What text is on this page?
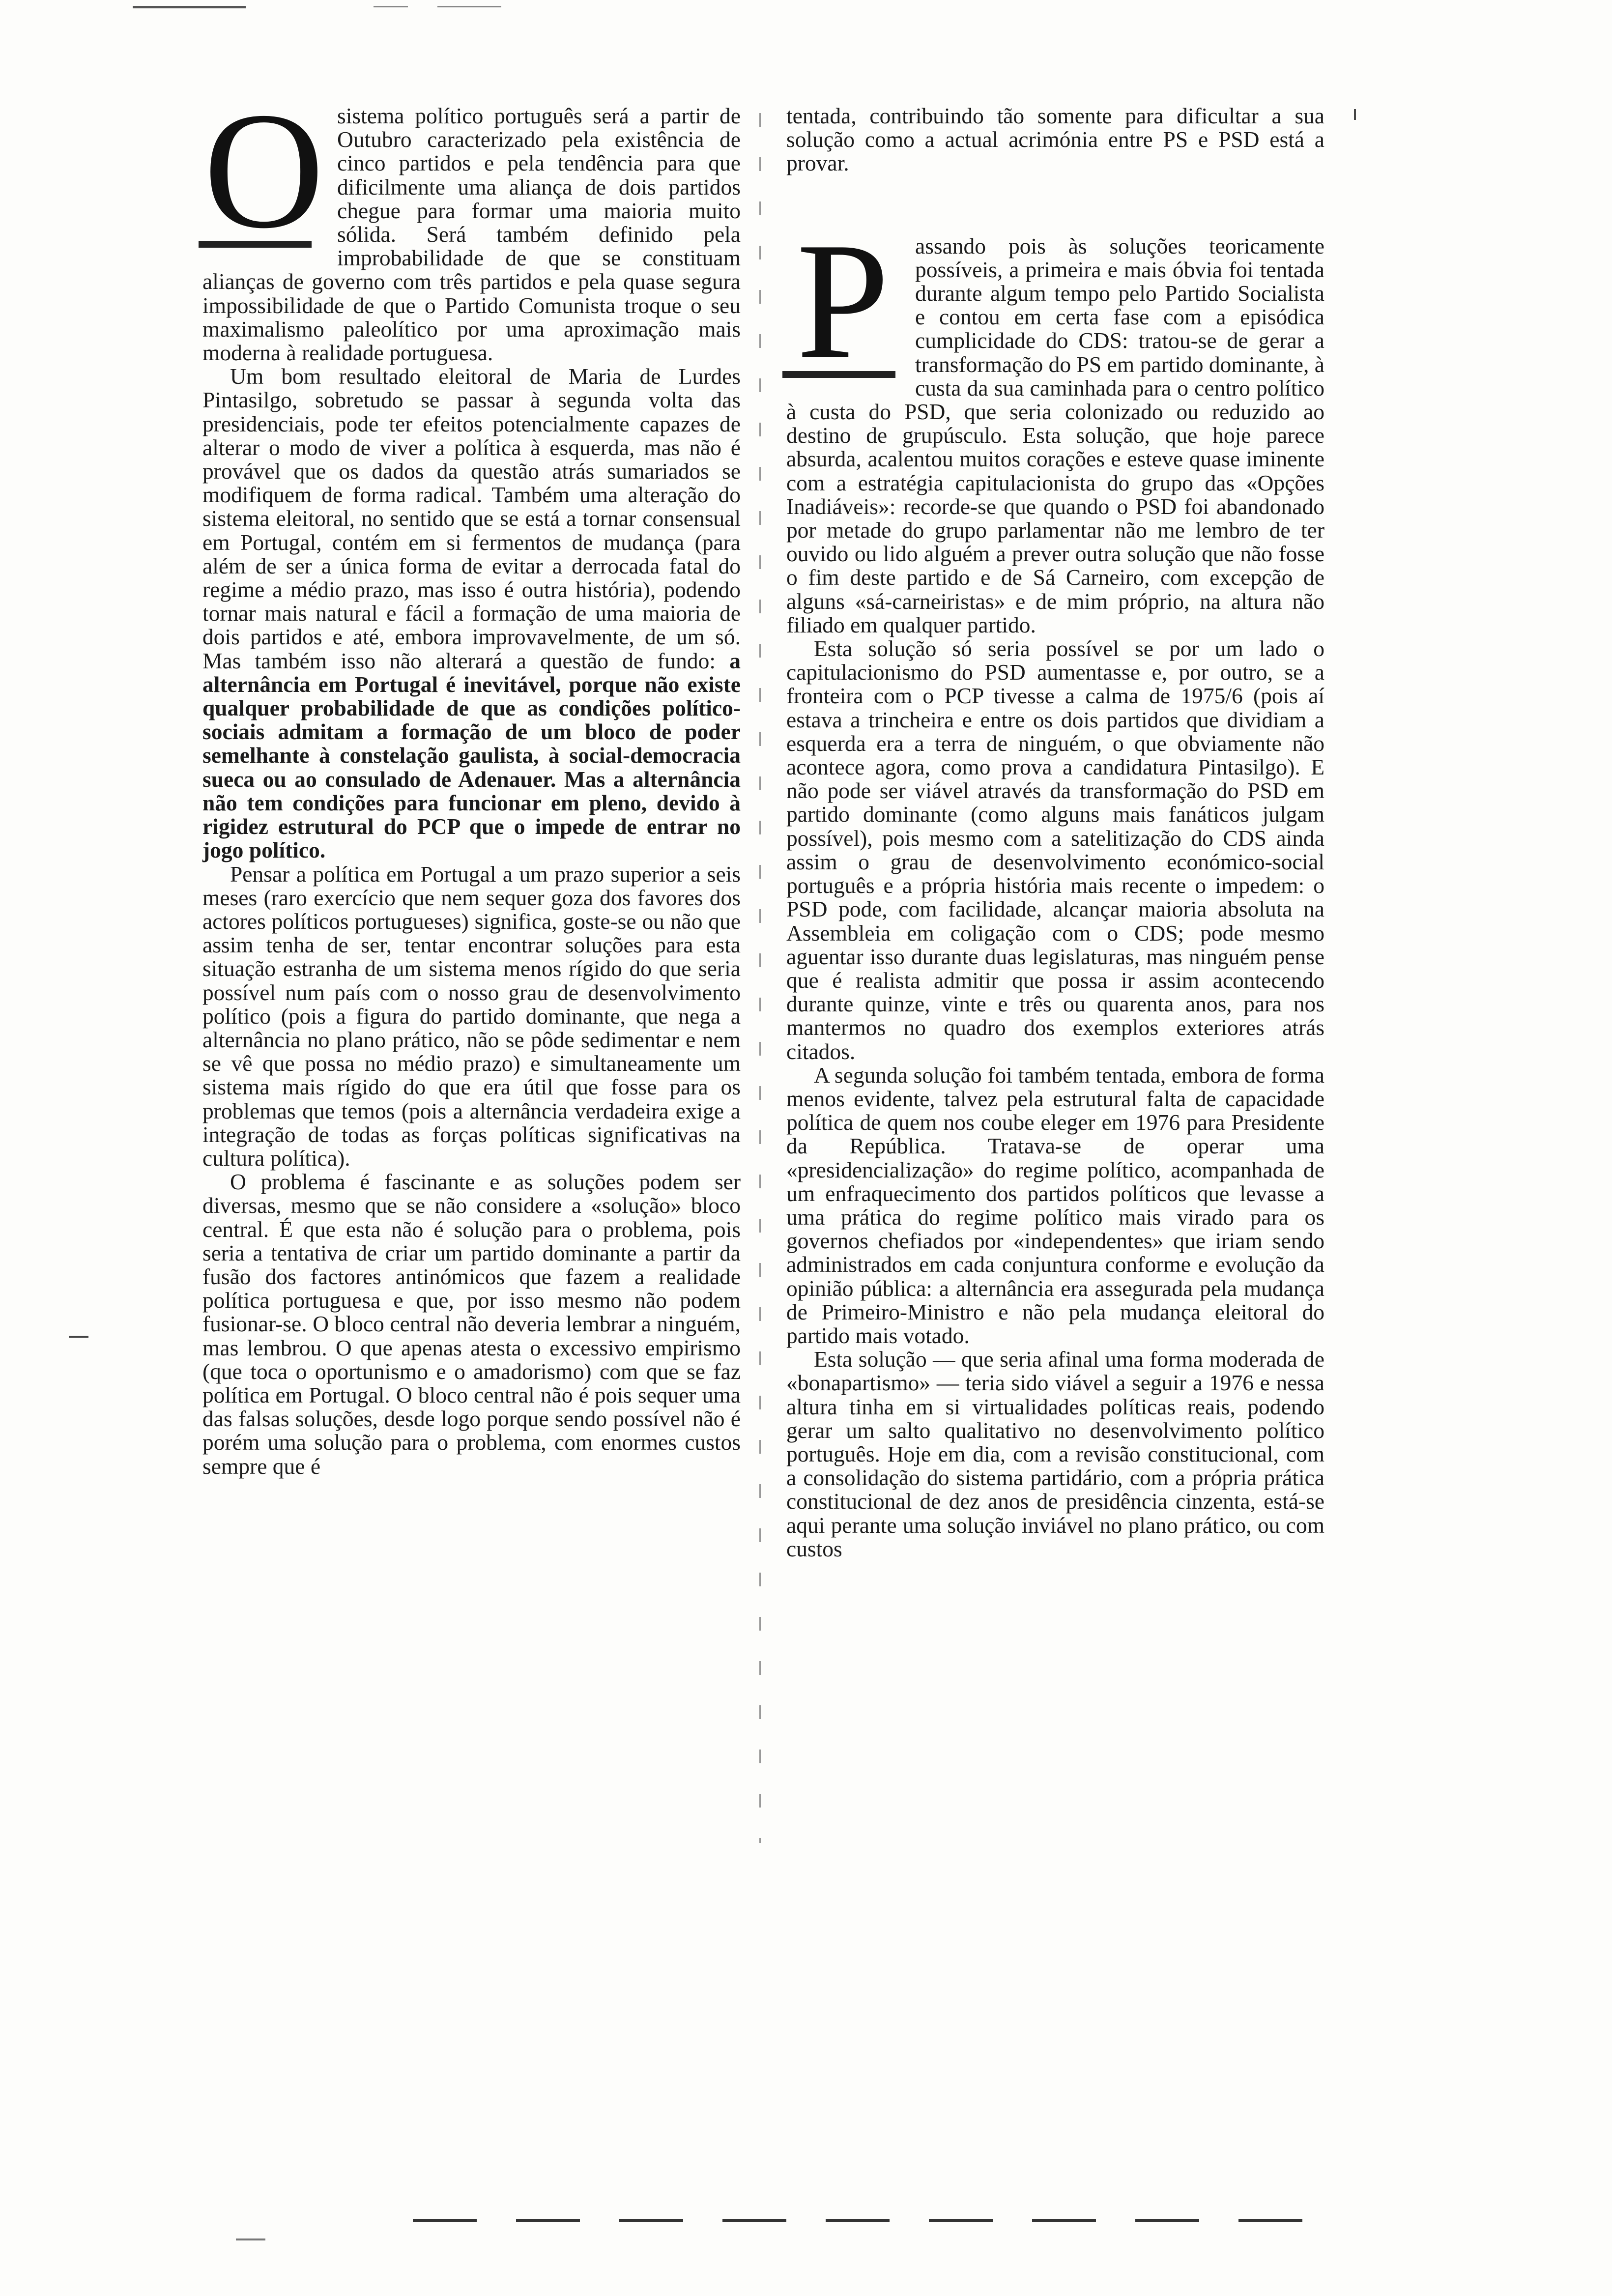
O sistema político português será a partir de Outubro caracterizado pela existência de cinco partidos e pela tendência para que dificilmente uma aliança de dois partidos chegue para formar uma maioria muito sólida. Será também definido pela improbabilidade de que se constituam alianças de governo com três partidos e pela quase segura impossibilidade de que o Partido Comunista troque o seu maximalismo paleolítico por uma aproximação mais moderna à realidade portuguesa.

Um bom resultado eleitoral de Maria de Lurdes Pintasilgo, sobretudo se passar à segunda volta das presidenciais, pode ter efeitos potencialmente capazes de alterar o modo de viver a política à esquerda, mas não é provável que os dados da questão atrás sumariados se modifiquem de forma radical. Também uma alteração do sistema eleitoral, no sentido que se está a tornar consensual em Portugal, contém em si fermentos de mudança (para além de ser a única forma de evitar a derrocada fatal do regime a médio prazo, mas isso é outra história), podendo tornar mais natural e fácil a formação de uma maioria de dois partidos e até, embora improvavelmente, de um só. Mas também isso não alterará a questão de fundo: a alternância em Portugal é inevitável, porque não existe qualquer probabilidade de que as condições político-sociais admitam a formação de um bloco de poder semelhante à constelação gaulista, à social-democracia sueca ou ao consulado de Adenauer. Mas a alternância não tem condições para funcionar em pleno, devido à rigidez estrutural do PCP que o impede de entrar no jogo político.

Pensar a política em Portugal a um prazo superior a seis meses (raro exercício que nem sequer goza dos favores dos actores políticos portugueses) significa, goste-se ou não que assim tenha de ser, tentar encontrar soluções para esta situação estranha de um sistema menos rígido do que seria possível num país com o nosso grau de desenvolvimento político (pois a figura do partido dominante, que nega a alternância no plano prático, não se pôde sedimentar e nem se vê que possa no médio prazo) e simultaneamente um sistema mais rígido do que era útil que fosse para os problemas que temos (pois a alternância verdadeira exige a integração de todas as forças políticas significativas na cultura política).

O problema é fascinante e as soluções podem ser diversas, mesmo que se não considere a «solução» bloco central. É que esta não é solução para o problema, pois seria a tentativa de criar um partido dominante a partir da fusão dos factores antinómicos que fazem a realidade política portuguesa e que, por isso mesmo não podem fusionar-se. O bloco central não deveria lembrar a ninguém, mas lembrou. O que apenas atesta o excessivo empirismo (que toca o oportunismo e o amadorismo) com que se faz política em Portugal. O bloco central não é pois sequer uma das falsas soluções, desde logo porque sendo possível não é porém uma solução para o problema, com enormes custos sempre que é

tentada, contribuindo tão somente para dificultar a sua solução como a actual acrimónia entre PS e PSD está a provar.

P	assando pois às soluções teoricamente possíveis, a primeira e mais óbvia foi tentada durante algum tempo pelo Partido Socialista e contou em certa fase com a episódica cumplicidade do CDS: tratou-se de gerar a transformação do PS em partido dominante, à custa da sua caminhada para o centro político à custa do PSD, que seria colonizado ou reduzido ao destino de grupúsculo. Esta solução, que hoje parece absurda, acalentou muitos corações e esteve quase iminente com a estratégia capitulacionista do grupo das «Opções Inadiáveis»: recorde-se que quando o PSD foi abandonado por metade do grupo parlamentar não me lembro de ter ouvido ou lido alguém a prever outra solução que não fosse o fim deste partido e de Sá Carneiro, com excepção de alguns «sá-carneiristas» e de mim próprio, na altura não filiado em qualquer partido.

Esta solução só seria possível se por um lado o capitulacionismo do PSD aumentasse e, por outro, se a fronteira com o PCP tivesse a calma de 1975/6 (pois aí estava a trincheira e entre os dois partidos que dividiam a esquerda era a terra de ninguém, o que obviamente não acontece agora, como prova a candidatura Pintasilgo). E não pode ser viável através da transformação do PSD em partido dominante (como alguns mais fanáticos julgam possível), pois mesmo com a satelitização do CDS ainda assim o grau de desenvolvimento económico-social português e a própria história mais recente o impedem: o PSD pode, com facilidade, alcançar maioria absoluta na Assembleia em coligação com o CDS; pode mesmo aguentar isso durante duas legislaturas, mas ninguém pense que é realista admitir que possa ir assim acontecendo durante quinze, vinte e três ou quarenta anos, para nos mantermos no quadro dos exemplos exteriores atrás citados.

A segunda solução foi também tentada, embora de forma menos evidente, talvez pela estrutural falta de capacidade política de quem nos coube eleger em 1976 para Presidente da República. Tratava-se de operar uma «presidencialização» do regime político, acompanhada de um enfraquecimento dos partidos políticos que levasse a uma prática do regime político mais virado para os governos chefiados por «independentes» que iriam sendo administrados em cada conjuntura conforme e evolução da opinião pública: a alternância era assegurada pela mudança de Primeiro-Ministro e não pela mudança eleitoral do partido mais votado.

Esta solução — que seria afinal uma forma moderada de «bonapartismo» — teria sido viável a seguir a 1976 e nessa altura tinha em si virtualidades políticas reais, podendo gerar um salto qualitativo no desenvolvimento político português. Hoje em dia, com a revisão constitucional, com a consolidação do sistema partidário, com a própria prática constitucional de dez anos de presidência cinzenta, está-se aqui perante uma solução inviável no plano prático, ou com custos
